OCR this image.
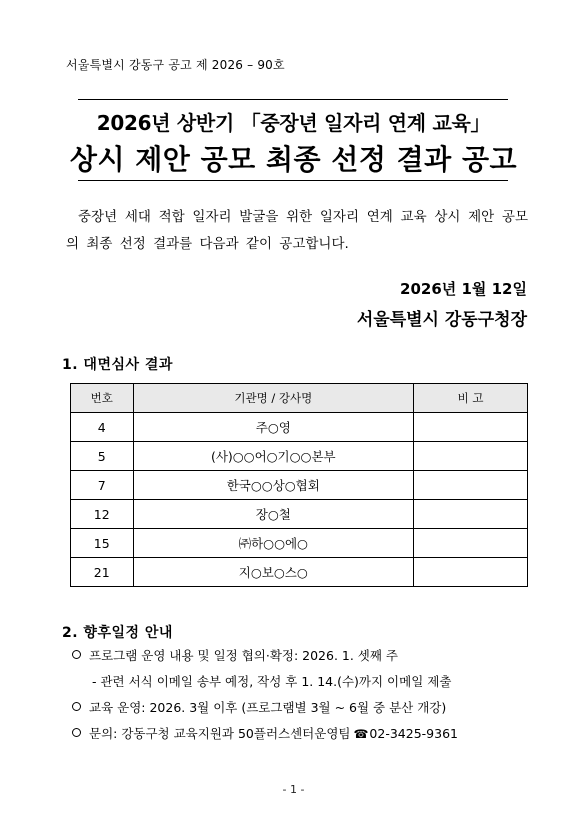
서울특별시 강동구 공고 제 2026 – 90호
2026년 상반기 「중장년 일자리 연계 교육」
상시 제안 공모 최종 선정 결과 공고
중장년 세대 적합 일자리 발굴을 위한 일자리 연계 교육 상시 제안 공모의 최종 선정 결과를 다음과 같이 공고합니다.
2026년 1월 12일
서울특별시 강동구청장
1. 대면심사 결과
번호	기관명 / 강사명	비 고
4	주○영	
5	(사)○○어○기○○본부	
7	한국○○상○협회	
12	장○철	
15	㈜하○○에○	
21	지○보○스○	
2. 향후일정 안내
프로그램 운영 내용 및 일정 협의·확정: 2026. 1. 셋째 주
- 관련 서식 이메일 송부 예정, 작성 후 1. 14.(수)까지 이메일 제출
교육 운영: 2026. 3월 이후 (프로그램별 3월 ~ 6월 중 분산 개강)
문의: 강동구청 교육지원과 50플러스센터운영팀 ☎02-3425-9361
- 1 -
